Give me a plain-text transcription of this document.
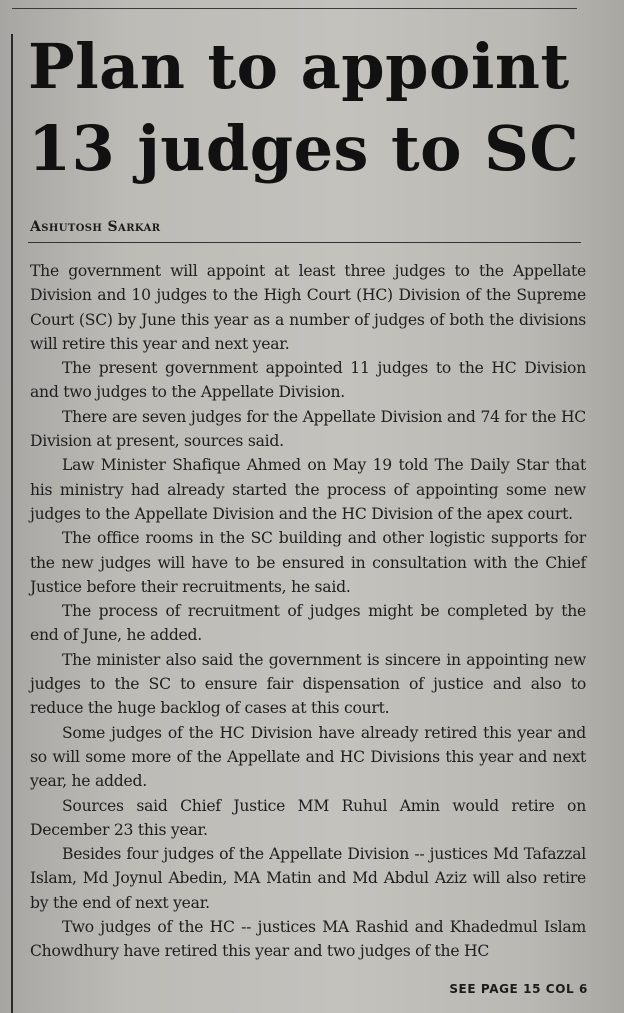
Plan to appoint 13 judges to SC
Ashutosh Sarkar

The government will appoint at least three judges to the Appellate Division and 10 judges to the High Court (HC) Division of the Supreme Court (SC) by June this year as a number of judges of both the divisions will retire this year and next year.

The present government appointed 11 judges to the HC Division and two judges to the Appellate Division.

There are seven judges for the Appellate Division and 74 for the HC Division at present, sources said.

Law Minister Shafique Ahmed on May 19 told The Daily Star that his ministry had already started the process of appointing some new judges to the Appellate Division and the HC Division of the apex court.

The office rooms in the SC building and other logistic supports for the new judges will have to be ensured in consultation with the Chief Justice before their recruitments, he said.

The process of recruitment of judges might be completed by the end of June, he added.

The minister also said the government is sincere in appointing new judges to the SC to ensure fair dispensation of justice and also to reduce the huge backlog of cases at this court.

Some judges of the HC Division have already retired this year and so will some more of the Appellate and HC Divisions this year and next year, he added.

Sources said Chief Justice MM Ruhul Amin would retire on December 23 this year.

Besides four judges of the Appellate Division -- justices Md Tafazzal Islam, Md Joynul Abedin, MA Matin and Md Abdul Aziz will also retire by the end of next year.

Two judges of the HC -- justices MA Rashid and Khadedmul Islam Chowdhury have retired this year and two judges of the HC

SEE PAGE 15 COL 6
